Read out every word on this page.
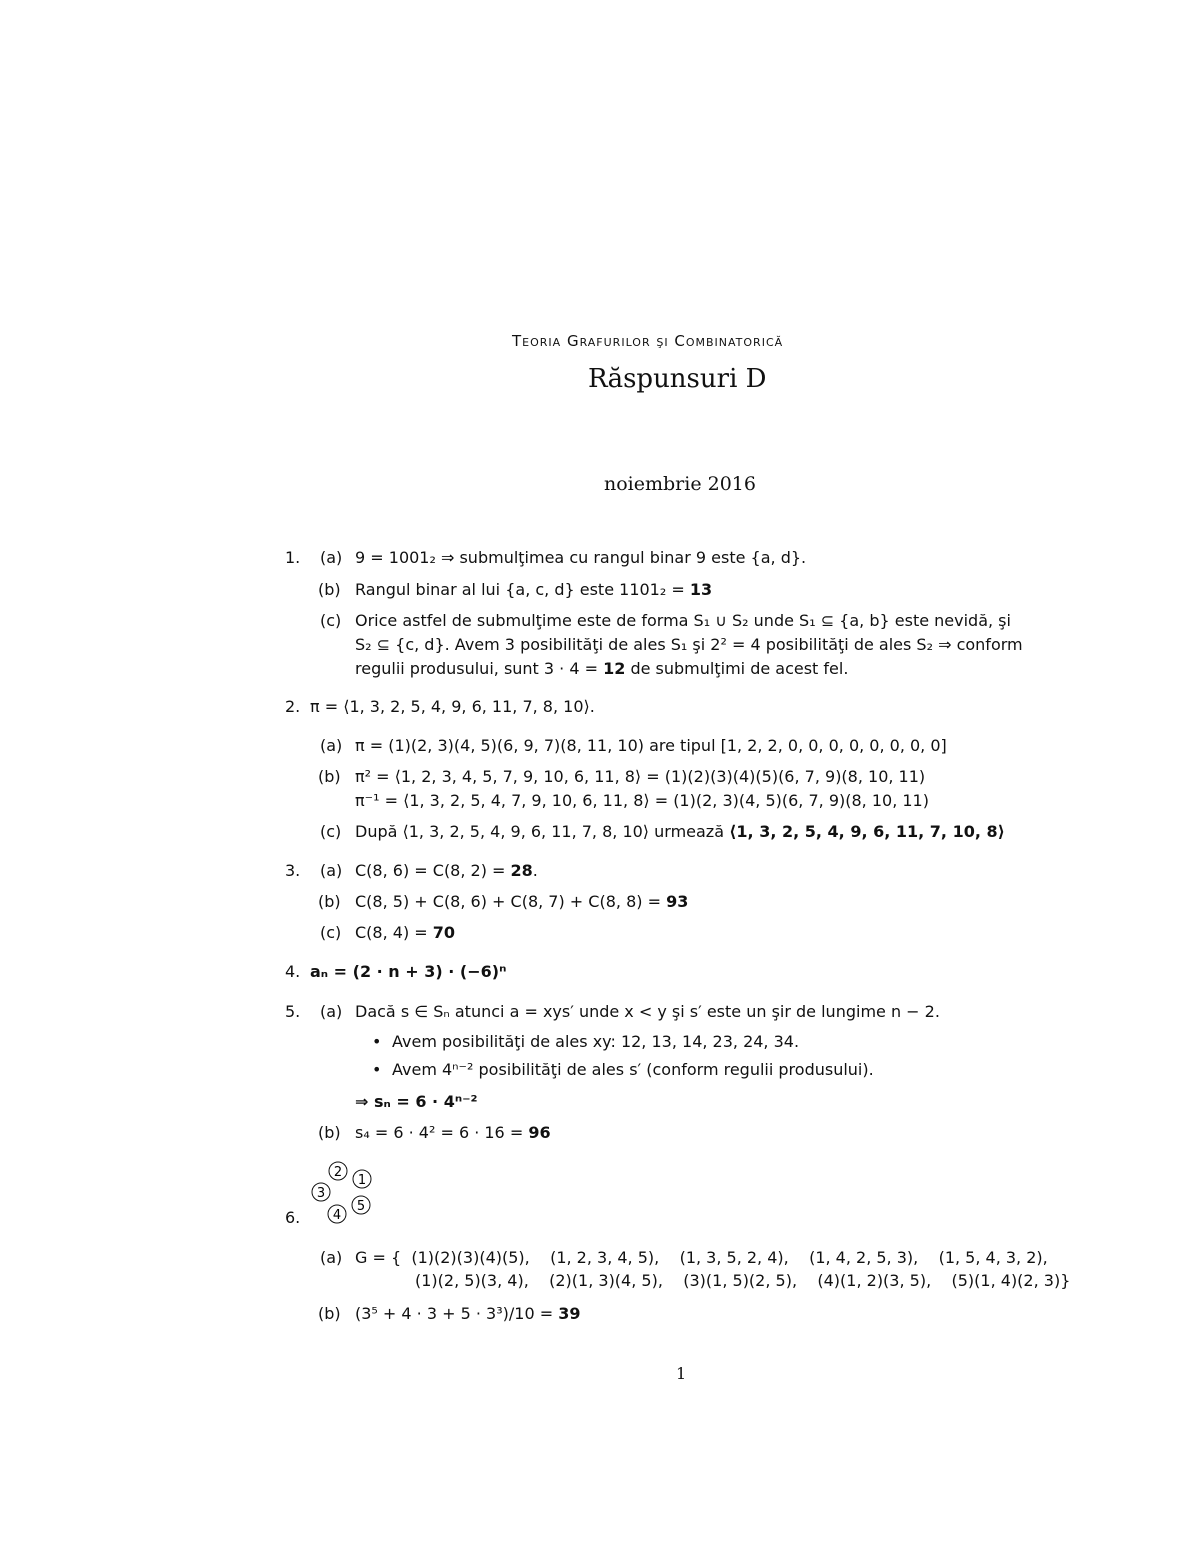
Teoria Grafurilor şi Combinatorică
Răspunsuri D
noiembrie 2016
1.	(a) 9 = 1001₂ ⇒ submulţimea cu rangul binar 9 este {a, d}.
(b) Rangul binar al lui {a, c, d} este 1101₂ = 13
(c) Orice astfel de submulţime este de forma S₁ ∪ S₂ unde S₁ ⊆ {a, b} este nevidă, şi
S₂ ⊆ {c, d}. Avem 3 posibilităţi de ales S₁ şi 2² = 4 posibilităţi de ales S₂ ⇒ conform
regulii produsului, sunt 3 · 4 = 12 de submulţimi de acest fel.
2. π = ⟨1, 3, 2, 5, 4, 9, 6, 11, 7, 8, 10⟩.
(a) π = (1)(2, 3)(4, 5)(6, 9, 7)(8, 11, 10) are tipul [1, 2, 2, 0, 0, 0, 0, 0, 0, 0, 0]
(b) π² = ⟨1, 2, 3, 4, 5, 7, 9, 10, 6, 11, 8⟩ = (1)(2)(3)(4)(5)(6, 7, 9)(8, 10, 11)
π⁻¹ = ⟨1, 3, 2, 5, 4, 7, 9, 10, 6, 11, 8⟩ = (1)(2, 3)(4, 5)(6, 7, 9)(8, 10, 11)
(c) După ⟨1, 3, 2, 5, 4, 9, 6, 11, 7, 8, 10⟩ urmează ⟨1, 3, 2, 5, 4, 9, 6, 11, 7, 10, 8⟩
3.	(a) C(8, 6) = C(8, 2) = 28.
(b) C(8, 5) + C(8, 6) + C(8, 7) + C(8, 8) = 93
(c) C(8, 4) = 70
4. aₙ = (2 · n + 3) · (−6)ⁿ
5.	(a) Dacă s ∈ Sₙ atunci a = xys′ unde x < y şi s′ este un şir de lungime n − 2.
• Avem posibilităţi de ales xy: 12, 13, 14, 23, 24, 34.
• Avem 4ⁿ⁻² posibilităţi de ales s′ (conform regulii produsului).
⇒ sₙ = 6 · 4ⁿ⁻²
(b) s₄ = 6 · 4² = 6 · 16 = 96
2
1
3
5
4
6.
(a) G = {  (1)(2)(3)(4)(5),    (1, 2, 3, 4, 5),    (1, 3, 5, 2, 4),    (1, 4, 2, 5, 3),    (1, 5, 4, 3, 2),
(1)(2, 5)(3, 4),    (2)(1, 3)(4, 5),    (3)(1, 5)(2, 5),    (4)(1, 2)(3, 5),    (5)(1, 4)(2, 3)}
(b) (3⁵ + 4 · 3 + 5 · 3³)/10 = 39
1
